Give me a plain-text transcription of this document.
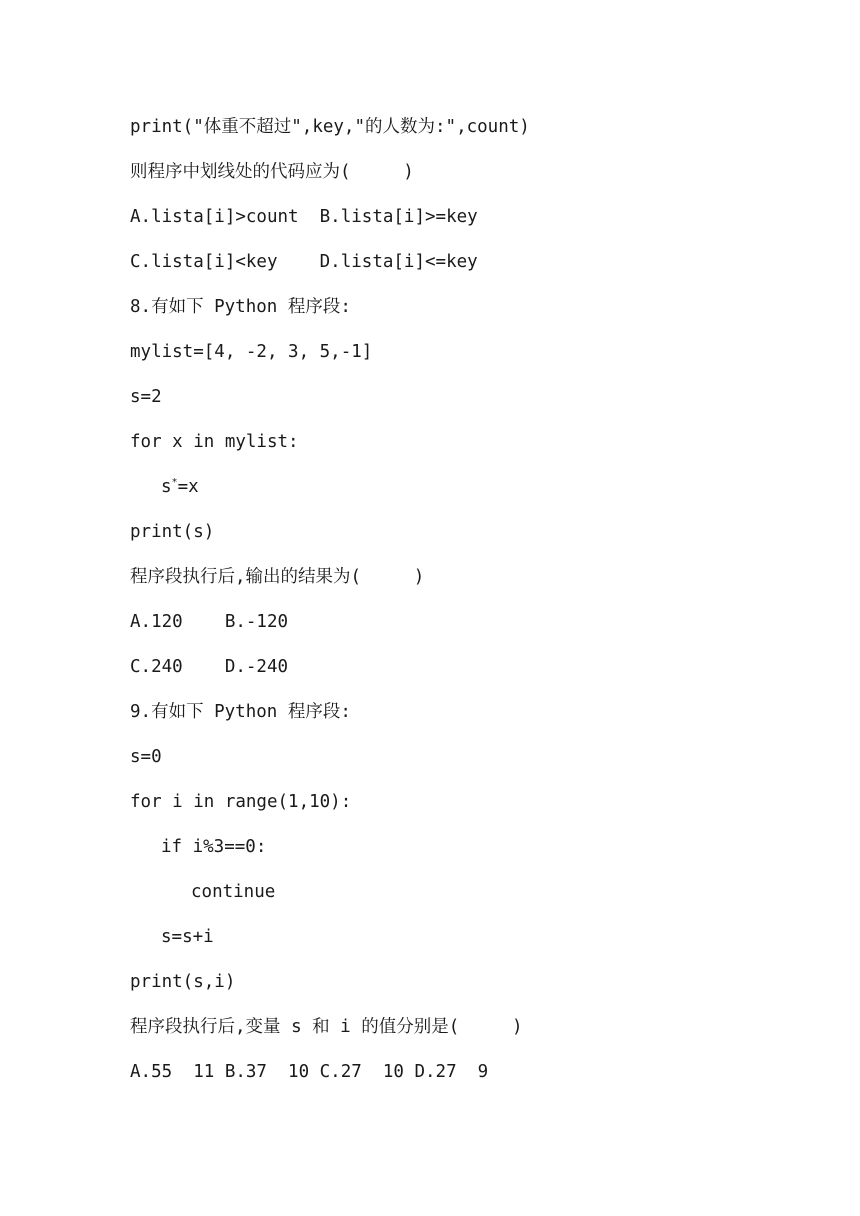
print("体重不超过",key,"的人数为:",count)
则程序中划线处的代码应为(     )
A.lista[i]>count  B.lista[i]>=key
C.lista[i]<key    D.lista[i]<=key
8.有如下 Python 程序段:
mylist=[4, -2, 3, 5,-1]
s=2
for x in mylist:
s*=x
print(s)
程序段执行后,输出的结果为(     )
A.120    B.-120
C.240    D.-240
9.有如下 Python 程序段:
s=0
for i in range(1,10):
if i%3==0:
continue
s=s+i
print(s,i)
程序段执行后,变量 s 和 i 的值分别是(     )
A.55  11 B.37  10 C.27  10 D.27  9
